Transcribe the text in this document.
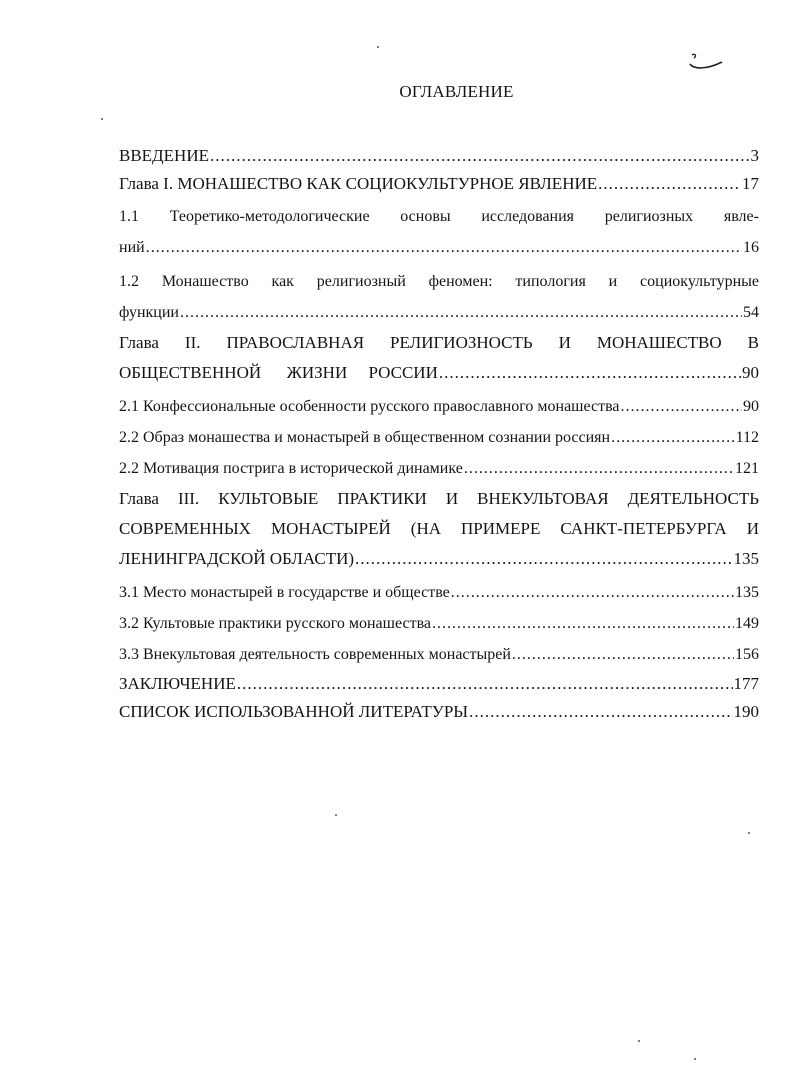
ОГЛАВЛЕНИЕ
ВВЕДЕНИЕ .....	3
Глава I. МОНАШЕСТВО КАК СОЦИОКУЛЬТУРНОЕ ЯВЛЕНИЕ .....	17
1.1 Теоретико-методологические основы исследования религиозных явле-
ний .....	16
1.2 Монашество как религиозный феномен: типология и социокультурные
функции .....	54
Глава II. ПРАВОСЛАВНАЯ РЕЛИГИОЗНОСТЬ И МОНАШЕСТВО В
ОБЩЕСТВЕННОЙ ЖИЗНИ РОССИИ .....	90
2.1 Конфессиональные особенности русского православного монашества .....	90
2.2 Образ монашества и монастырей в общественном сознании россиян .....	112
2.2 Мотивация пострига в исторической динамике .....	121
Глава III. КУЛЬТОВЫЕ ПРАКТИКИ И ВНЕКУЛЬТОВАЯ ДЕЯТЕЛЬНОСТЬ
СОВРЕМЕННЫХ МОНАСТЫРЕЙ (НА ПРИМЕРЕ САНКТ-ПЕТЕРБУРГА И
ЛЕНИНГРАДСКОЙ ОБЛАСТИ) .....	135
3.1 Место монастырей в государстве и обществе .....	135
3.2 Культовые практики русского монашества .....	149
3.3 Внекультовая деятельность современных монастырей .....	156
ЗАКЛЮЧЕНИЕ .....	177
СПИСОК ИСПОЛЬЗОВАННОЙ ЛИТЕРАТУРЫ .....	190
